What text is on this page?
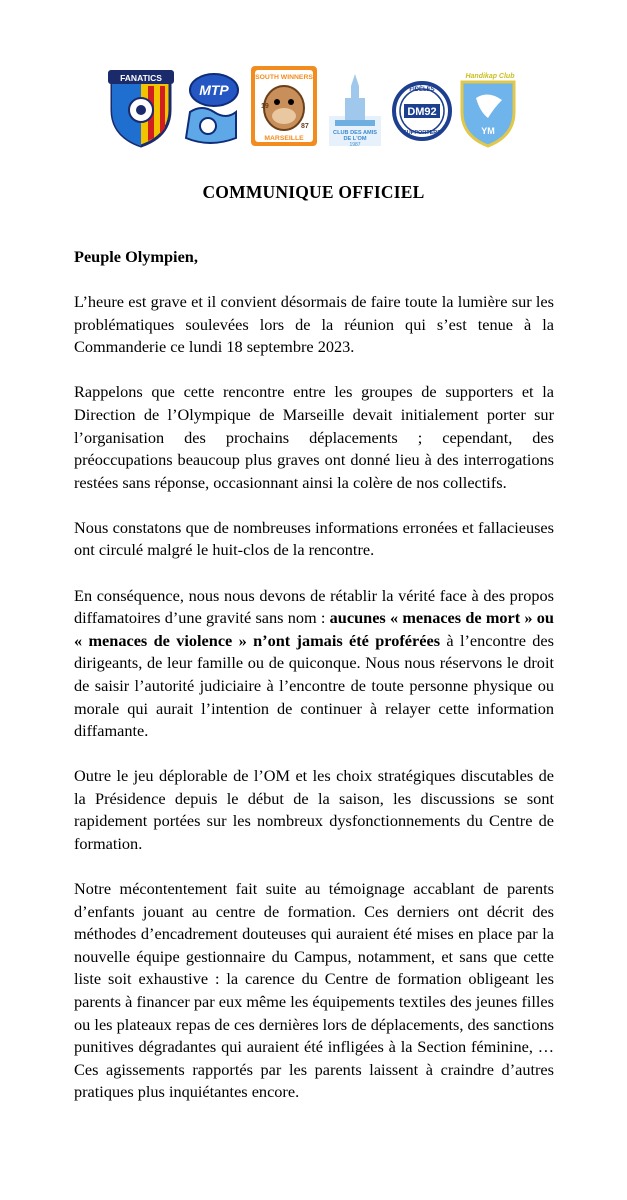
FANATICS
MTP
SOUTH WINNERS
MARSEILLE
19
87
CLUB DES AMIS
DE L'OM
1987
FIDÈLES
DM92
SUPPORTERS
Handikap Club
YM
COMMUNIQUE OFFICIEL

Peuple Olympien,

L’heure est grave et il convient désormais de faire toute la lumière sur les problématiques soulevées lors de la réunion qui s’est tenue à la Commanderie ce lundi 18 septembre 2023.

Rappelons que cette rencontre entre les groupes de supporters et la Direction de l’Olympique de Marseille devait initialement porter sur l’organisation des prochains déplacements ; cependant, des préoccupations beaucoup plus graves ont donné lieu à des interrogations restées sans réponse, occasionnant ainsi la colère de nos collectifs.

Nous constatons que de nombreuses informations erronées et fallacieuses ont circulé malgré le huit-clos de la rencontre.

En conséquence, nous nous devons de rétablir la vérité face à des propos diffamatoires d’une gravité sans nom : aucunes « menaces de mort » ou « menaces de violence » n’ont jamais été proférées à l’encontre des dirigeants, de leur famille ou de quiconque. Nous nous réservons le droit de saisir l’autorité judiciaire à l’encontre de toute personne physique ou morale qui aurait l’intention de continuer à relayer cette information diffamante.

Outre le jeu déplorable de l’OM et les choix stratégiques discutables de la Présidence depuis le début de la saison, les discussions se sont rapidement portées sur les nombreux dysfonctionnements du Centre de formation.

Notre mécontentement fait suite au témoignage accablant de parents d’enfants jouant au centre de formation. Ces derniers ont décrit des méthodes d’encadrement douteuses qui auraient été mises en place par la nouvelle équipe gestionnaire du Campus, notamment, et sans que cette liste soit exhaustive : la carence du Centre de formation obligeant les parents à financer par eux même les équipements textiles des jeunes filles ou les plateaux repas de ces dernières lors de déplacements, des sanctions punitives dégradantes qui auraient été infligées à la Section féminine, … Ces agissements rapportés par les parents laissent à craindre d’autres pratiques plus inquiétantes encore.
